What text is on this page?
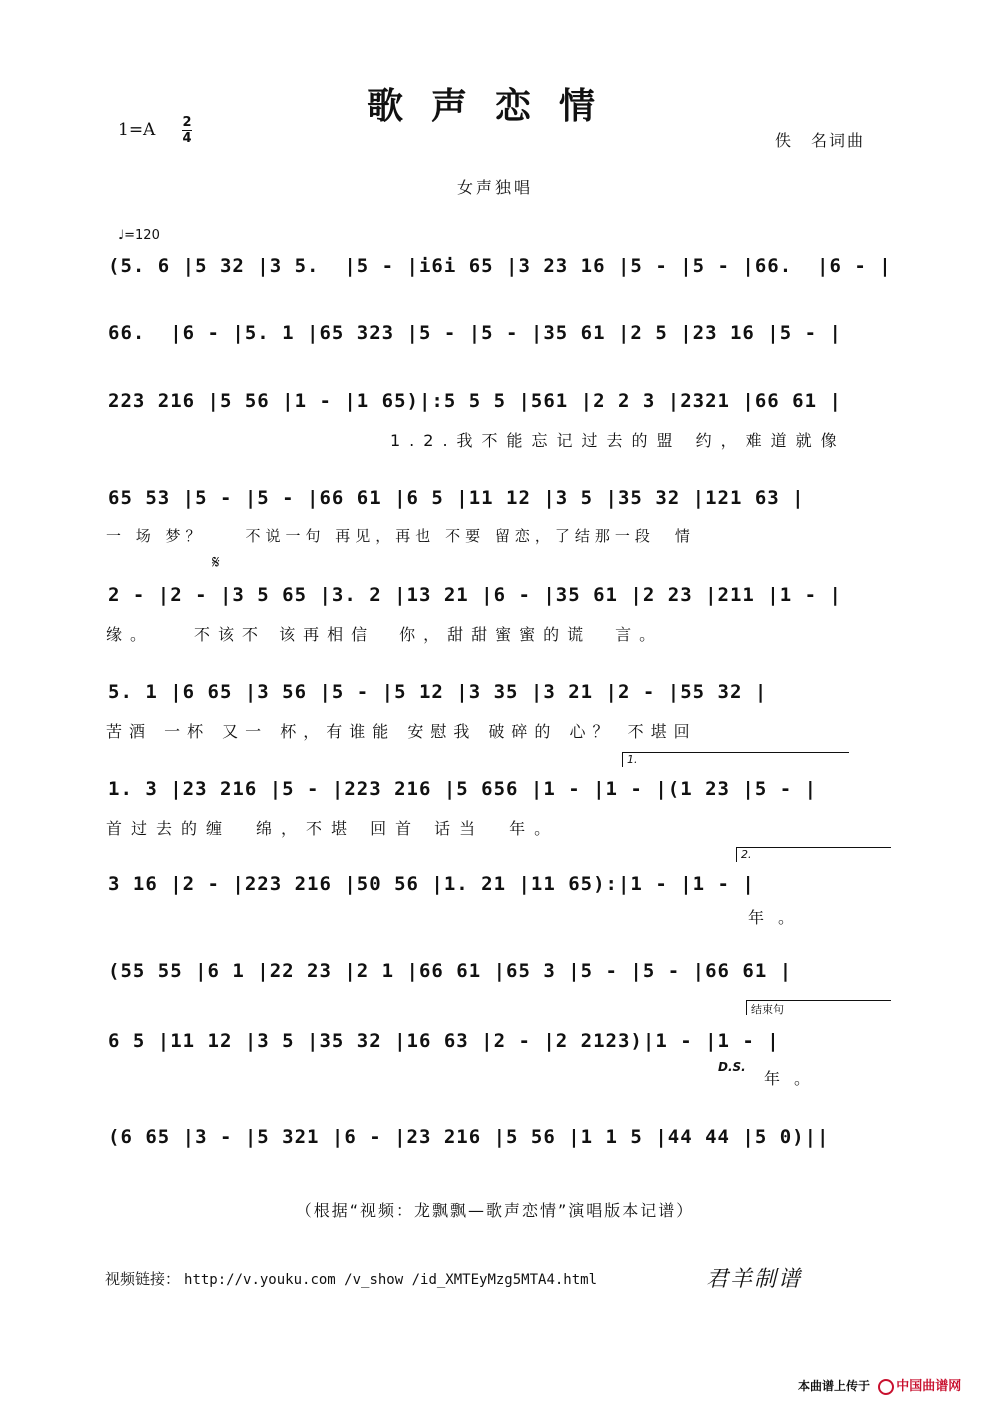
歌声恋情
1=A 2
4	佚　名词曲
女声独唱
♩=120
(5. 6 |5 32 |3 5.  |5 - |i6i 65 |3 23 16 |5 - |5 - |66.  |6 - |
66.  |6 - |5. 1 |65 323 |5 - |5 - |35 61 |2 5 |23 16 |5 - |
223 216 |5 56 |1 - |1 65)|:5 5 5 |561 |2 2 3 |2321 |66 61 |
1.2.我不能忘记过去的盟 约，难道就像
65 53 |5 - |5 - |66 61 |6 5 |11 12 |3 5 |35 32 |121 63 |
一 场 梦？　　不说一句 再见，再也 不要 留恋，了结那一段　情
𝄋
2 - |2 - |3 5 65 |3. 2 |13 21 |6 - |35 61 |2 23 |211 |1 - |
缘。　　不该不 该再相信　你，甜甜蜜蜜的谎　言。
5. 1 |6 65 |3 56 |5 - |5 12 |3 35 |3 21 |2 - |55 32 |
苦酒 一杯 又一 杯，有谁能 安慰我 破碎的 心？ 不堪回
1.
1. 3 |23 216 |5 - |223 216 |5 656 |1 - |1 - |(1 23 |5 - |
首过去的缠　绵，不堪 回首 话当　年。
2.
3 16 |2 - |223 216 |50 56 |1. 21 |11 65):|1 - |1 - |
年。
(55 55 |6 1 |22 23 |2 1 |66 61 |65 3 |5 - |5 - |66 61 |
结束句
6 5 |11 12 |3 5 |35 32 |16 63 |2 - |2 2123)|1 - |1 - |
D.S.
年。
(6 65 |3 - |5 321 |6 - |23 216 |5 56 |1 1 5 |44 44 |5 0)||
（根据“视频：龙飘飘—歌声恋情”演唱版本记谱）
视频链接： http://v.youku.com /v_show /id_XMTEyMzg5MTA4.html	君羊制谱
本曲谱上传于 中国曲谱网
